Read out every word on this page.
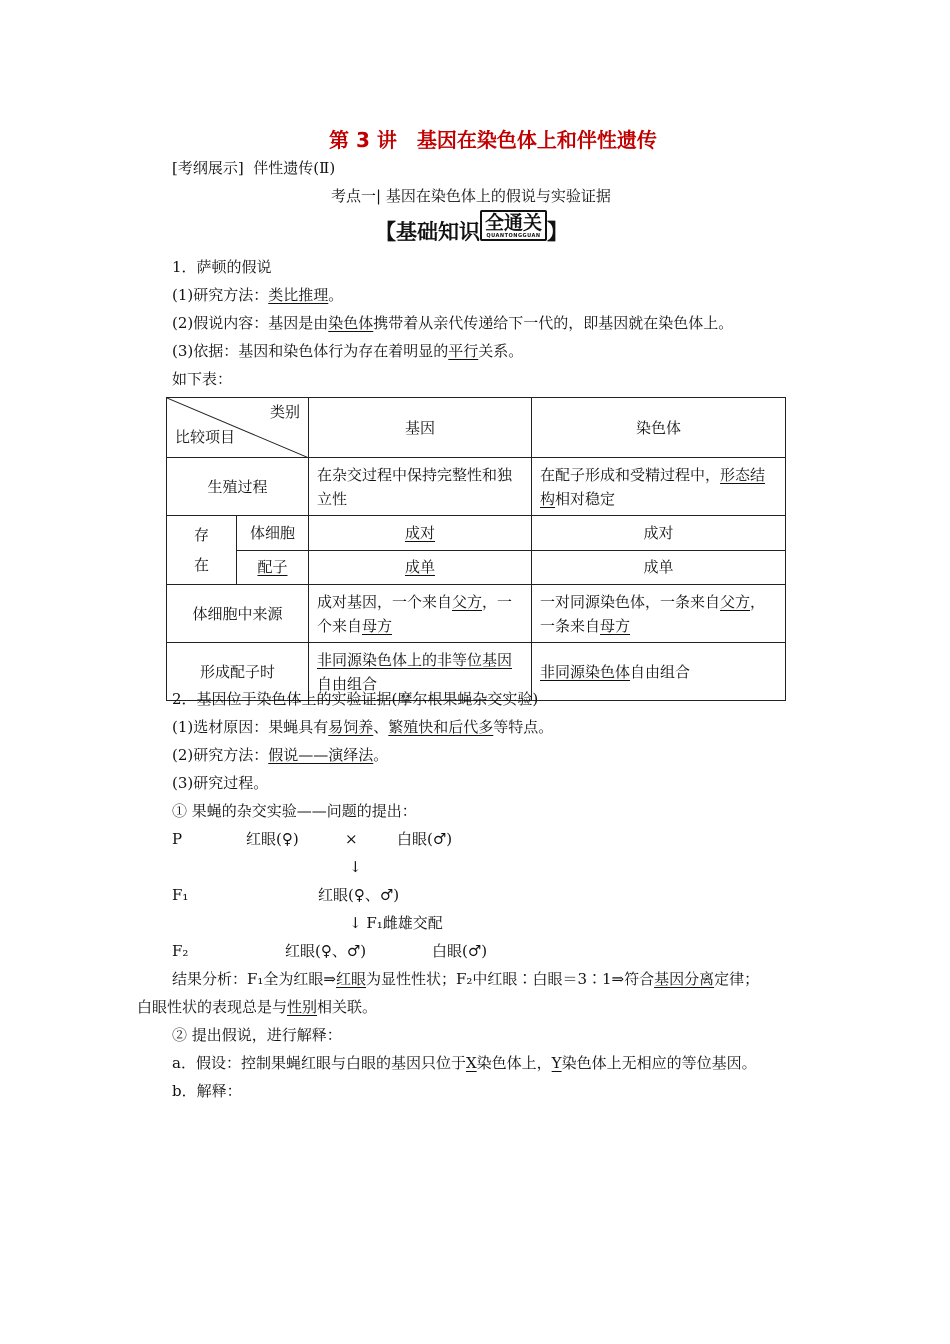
第 3 讲　基因在染色体上和伴性遗传
[考纲展示] 伴性遗传(Ⅱ)
考点一| 基因在染色体上的假说与实验证据
【基础知识 全通关
QUANTONGGUAN 】
1．萨顿的假说
(1)研究方法：类比推理。
(2)假说内容：基因是由染色体携带着从亲代传递给下一代的，即基因就在染色体上。
(3)依据：基因和染色体行为存在着明显的平行关系。
如下表：
类别
比较项目		基因	染色体
生殖过程		在杂交过程中保持完整性和独立性	在配子形成和受精过程中，形态结构相对稳定
存
在	体细胞	成对	成对
	配子	成单	成单
体细胞中来源		成对基因，一个来自父方，一个来自母方	一对同源染色体，一条来自父方，一条来自母方
形成配子时		非同源染色体上的非等位基因自由组合	非同源染色体自由组合
2．基因位于染色体上的实验证据(摩尔根果蝇杂交实验)
(1)选材原因：果蝇具有易饲养、繁殖快和后代多等特点。
(2)研究方法：假说——演绎法。
(3)研究过程。
① 果蝇的杂交实验——问题的提出：
P	红眼(♀)	×	白眼(♂)
↓
F₁	红眼(♀、♂)
↓ F₁雌雄交配
F₂	红眼(♀、♂)	白眼(♂)
结果分析：F₁全为红眼⇒红眼为显性性状；F₂中红眼∶白眼＝3∶1⇒符合基因分离定律；
白眼性状的表现总是与性别相关联。
② 提出假说，进行解释：
a．假设：控制果蝇红眼与白眼的基因只位于X染色体上，Y染色体上无相应的等位基因。
b．解释：
